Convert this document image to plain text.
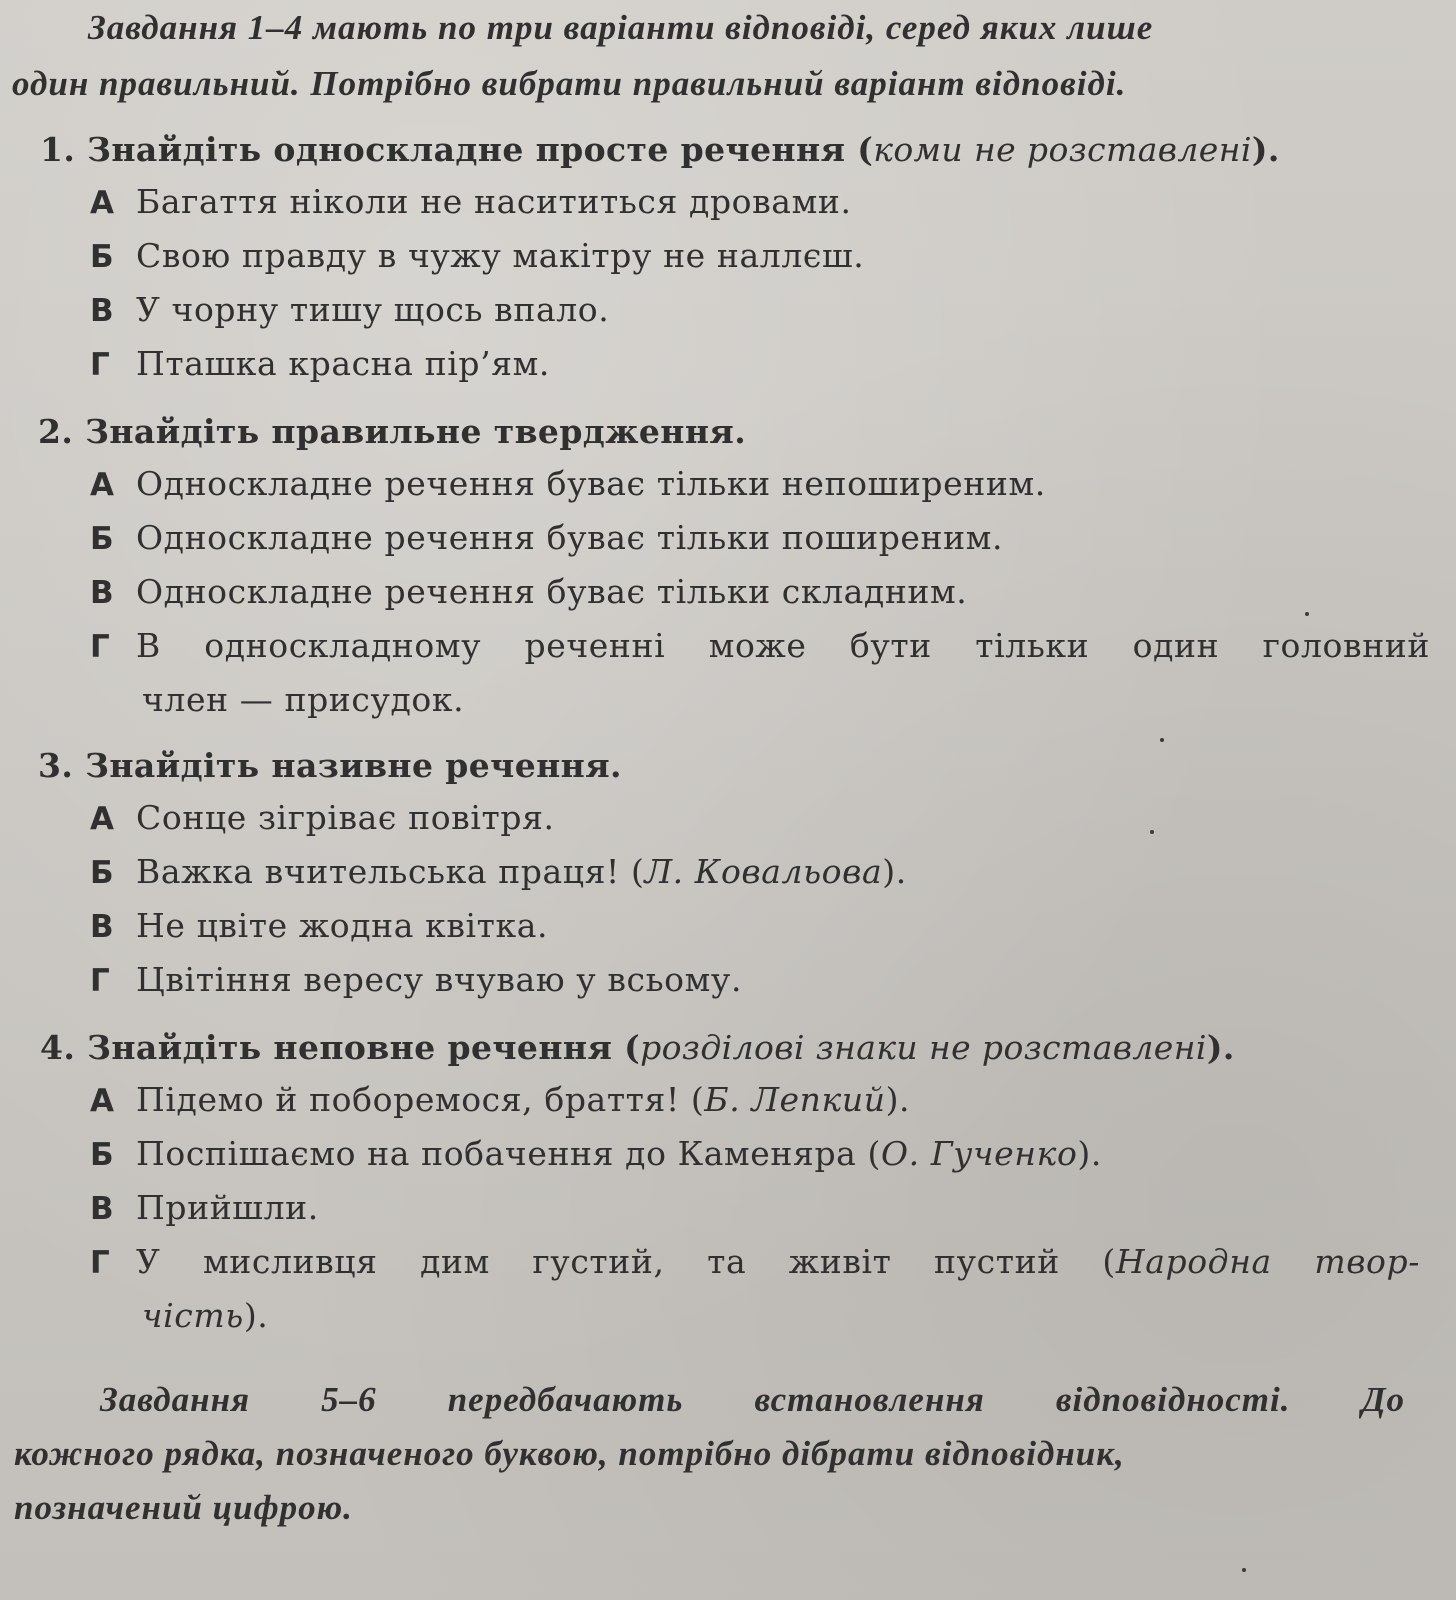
Завдання 1–4 мають по три варіанти відповіді, серед яких лише
один правильний. Потрібно вибрати правильний варіант відповіді.
1. Знайдіть односкладне просте речення (коми не розставлені).
А Багаття ніколи не насититься дровами.
Б Свою правду в чужу макітру не наллєш.
В У чорну тишу щось впало.
Г Пташка красна пір’ям.
2. Знайдіть правильне твердження.
А Односкладне речення буває тільки непоширеним.
Б Односкладне речення буває тільки поширеним.
В Односкладне речення буває тільки складним.
Г В односкладному реченні може бути тільки один головний
член — присудок.
3. Знайдіть називне речення.
А Сонце зігріває повітря.
Б Важка вчительська праця! (Л. Ковальова).
В Не цвіте жодна квітка.
Г Цвітіння вересу вчуваю у всьому.
4. Знайдіть неповне речення (розділові знаки не розставлені).
А Підемо й поборемося, браття! (Б. Лепкий).
Б Поспішаємо на побачення до Каменяра (О. Гученко).
В Прийшли.
Г У мисливця дим густий, та живіт пустий (Народна твор-
чість).
Завдання 5–6 передбачають встановлення відповідності. До
кожного рядка, позначеного буквою, потрібно дібрати відповідник,
позначений цифрою.
